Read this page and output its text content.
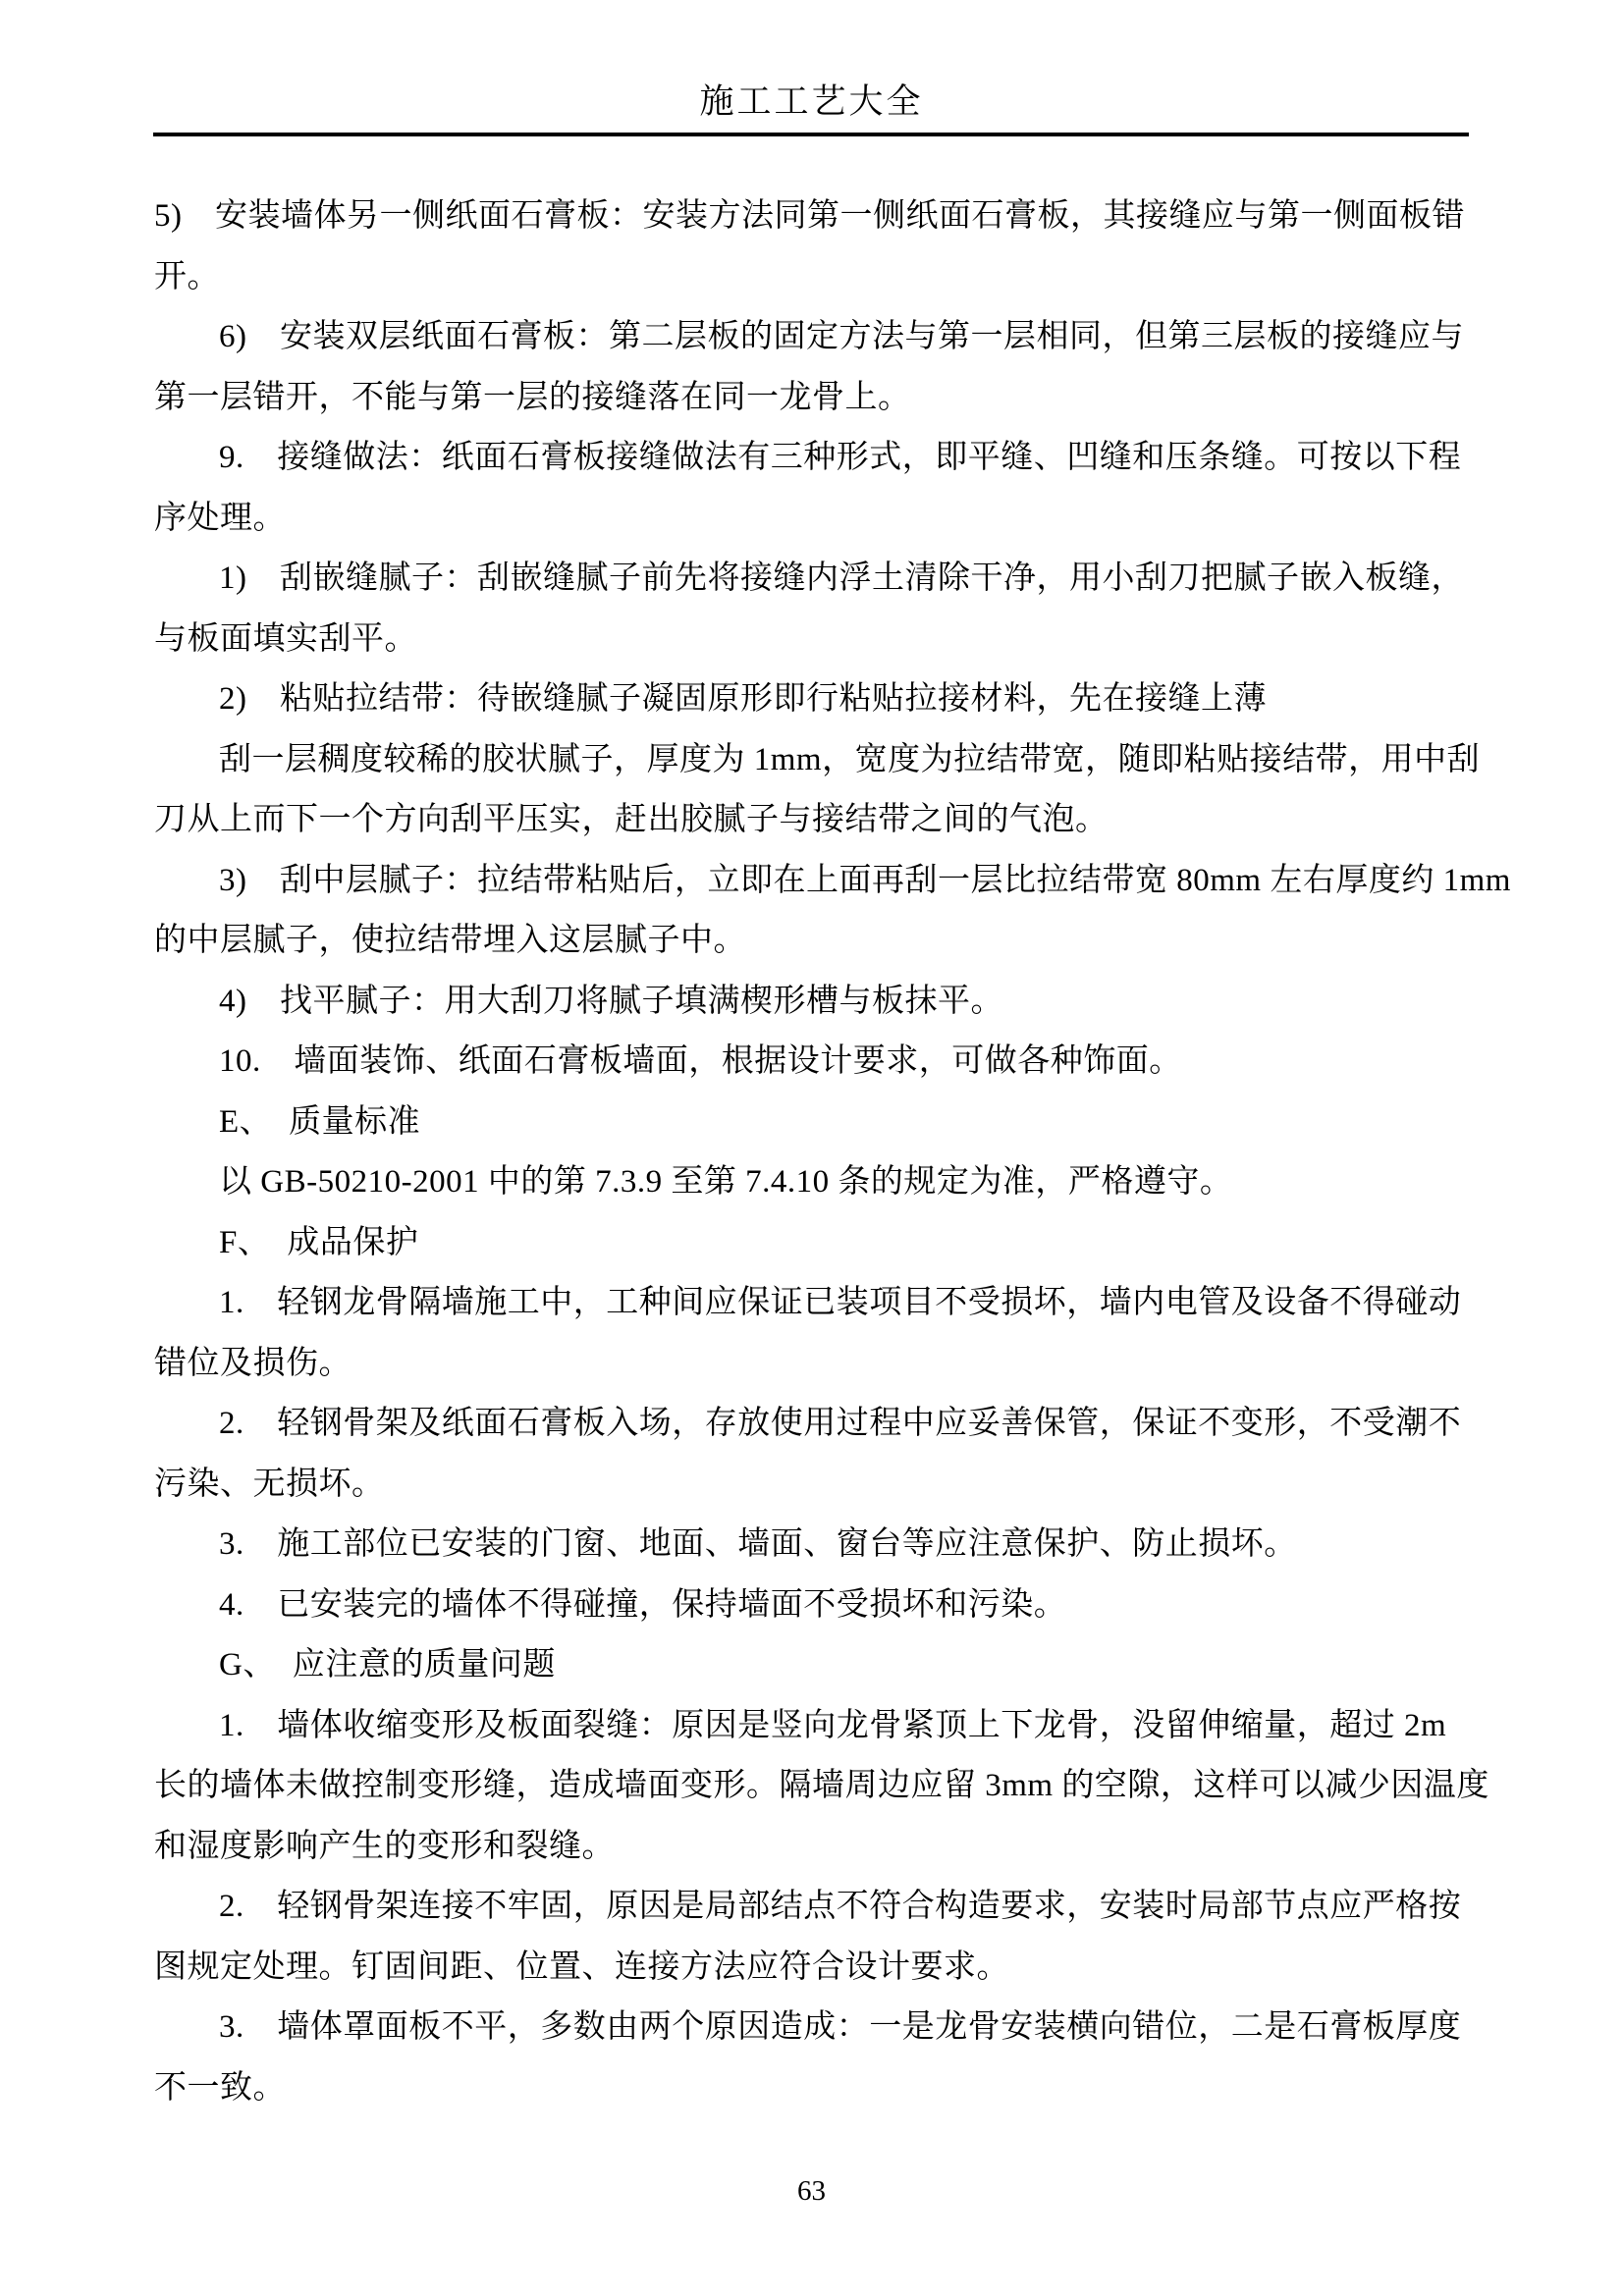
施工工艺大全
5)　安装墙体另一侧纸面石膏板：安装方法同第一侧纸面石膏板，其接缝应与第一侧面板错
开。
6)　安装双层纸面石膏板：第二层板的固定方法与第一层相同，但第三层板的接缝应与
第一层错开，不能与第一层的接缝落在同一龙骨上。
9.　接缝做法：纸面石膏板接缝做法有三种形式，即平缝、凹缝和压条缝。可按以下程
序处理。
1)　刮嵌缝腻子：刮嵌缝腻子前先将接缝内浮土清除干净，用小刮刀把腻子嵌入板缝，
与板面填实刮平。
2)　粘贴拉结带：待嵌缝腻子凝固原形即行粘贴拉接材料，先在接缝上薄
刮一层稠度较稀的胶状腻子，厚度为 1mm，宽度为拉结带宽，随即粘贴接结带，用中刮
刀从上而下一个方向刮平压实，赶出胶腻子与接结带之间的气泡。
3)　刮中层腻子：拉结带粘贴后，立即在上面再刮一层比拉结带宽 80mm 左右厚度约 1mm
的中层腻子，使拉结带埋入这层腻子中。
4)　找平腻子：用大刮刀将腻子填满楔形槽与板抹平。
10.　墙面装饰、纸面石膏板墙面，根据设计要求，可做各种饰面。
E、　质量标准
以 GB-50210-2001 中的第 7.3.9 至第 7.4.10 条的规定为准，严格遵守。
F、　成品保护
1.　轻钢龙骨隔墙施工中，工种间应保证已装项目不受损坏，墙内电管及设备不得碰动
错位及损伤。
2.　轻钢骨架及纸面石膏板入场，存放使用过程中应妥善保管，保证不变形，不受潮不
污染、无损坏。
3.　施工部位已安装的门窗、地面、墙面、窗台等应注意保护、防止损坏。
4.　已安装完的墙体不得碰撞，保持墙面不受损坏和污染。
G、　应注意的质量问题
1.　墙体收缩变形及板面裂缝：原因是竖向龙骨紧顶上下龙骨，没留伸缩量，超过 2m
长的墙体未做控制变形缝，造成墙面变形。隔墙周边应留 3mm 的空隙，这样可以减少因温度
和湿度影响产生的变形和裂缝。
2.　轻钢骨架连接不牢固，原因是局部结点不符合构造要求，安装时局部节点应严格按
图规定处理。钉固间距、位置、连接方法应符合设计要求。
3.　墙体罩面板不平，多数由两个原因造成：一是龙骨安装横向错位，二是石膏板厚度
不一致。
63
